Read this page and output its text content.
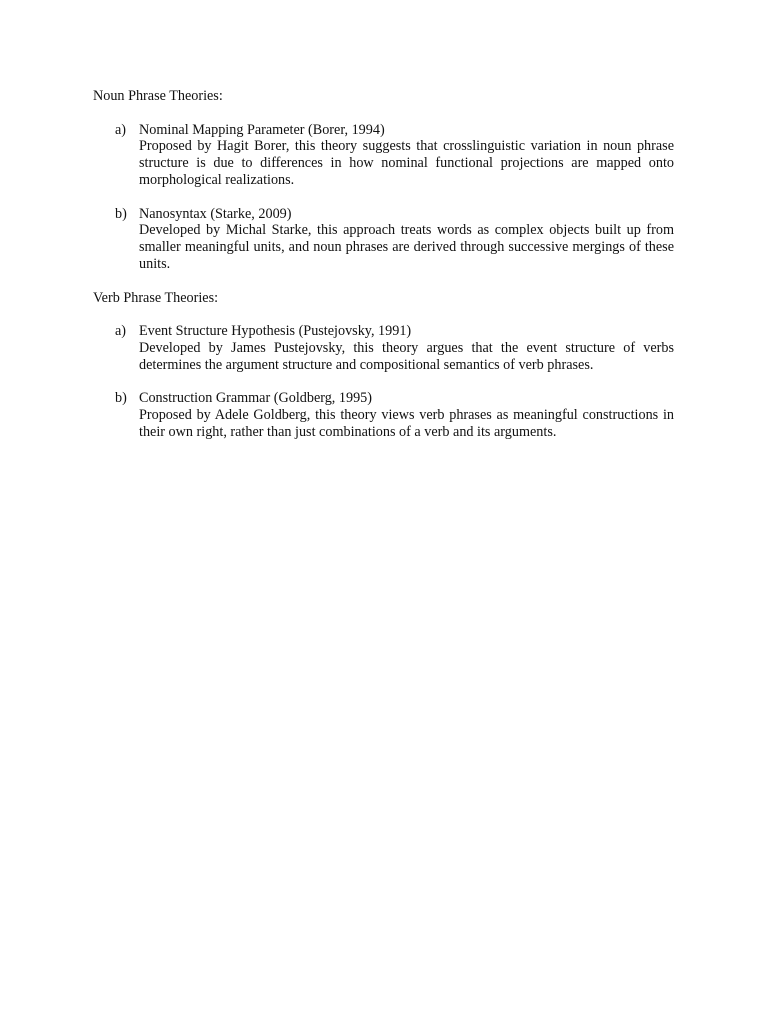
Noun Phrase Theories:

a) Nominal Mapping Parameter (Borer, 1994)
Proposed by Hagit Borer, this theory suggests that crosslinguistic variation in noun phrase structure is due to differences in how nominal functional projections are mapped onto morphological realizations.
b) Nanosyntax (Starke, 2009)
Developed by Michal Starke, this approach treats words as complex objects built up from smaller meaningful units, and noun phrases are derived through successive mergings of these units.

Verb Phrase Theories:

a) Event Structure Hypothesis (Pustejovsky, 1991)
Developed by James Pustejovsky, this theory argues that the event structure of verbs determines the argument structure and compositional semantics of verb phrases.
b) Construction Grammar (Goldberg, 1995)
Proposed by Adele Goldberg, this theory views verb phrases as meaningful constructions in their own right, rather than just combinations of a verb and its arguments.
